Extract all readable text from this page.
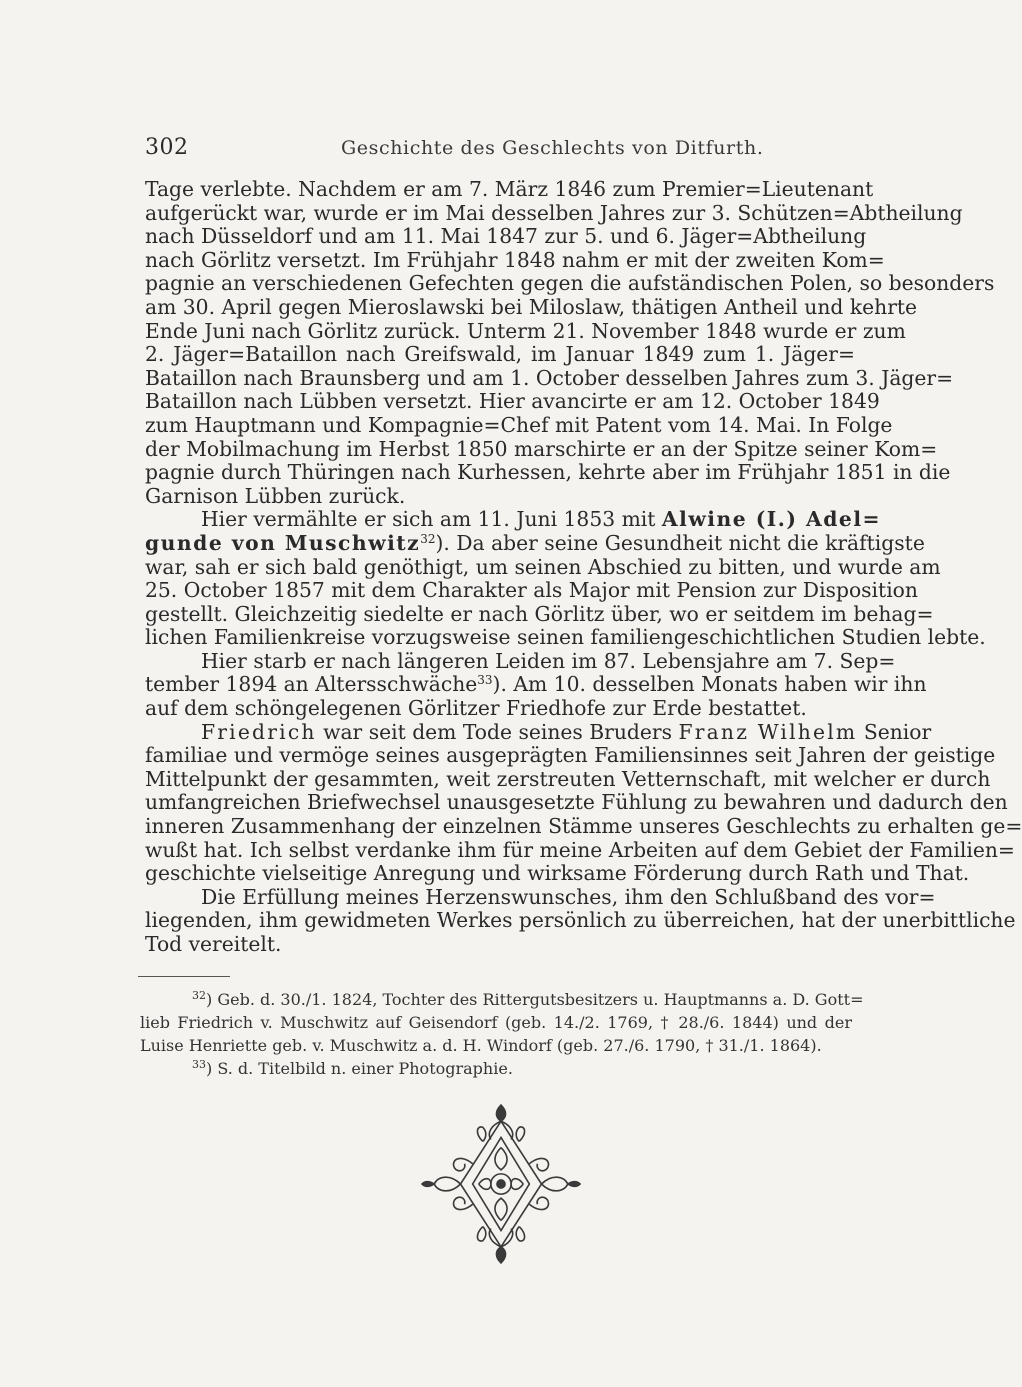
302	Geschichte des Geschlechts von Ditfurth.
Tage verlebte. Nachdem er am 7. März 1846 zum Premier=Lieutenant
aufgerückt war, wurde er im Mai desselben Jahres zur 3. Schützen=Abtheilung
nach Düsseldorf und am 11. Mai 1847 zur 5. und 6. Jäger=Abtheilung
nach Görlitz versetzt. Im Frühjahr 1848 nahm er mit der zweiten Kom=
pagnie an verschiedenen Gefechten gegen die aufständischen Polen, so besonders
am 30. April gegen Mieroslawski bei Miloslaw, thätigen Antheil und kehrte
Ende Juni nach Görlitz zurück. Unterm 21. November 1848 wurde er zum
2. Jäger=Bataillon nach Greifswald, im Januar 1849 zum 1. Jäger=
Bataillon nach Braunsberg und am 1. October desselben Jahres zum 3. Jäger=
Bataillon nach Lübben versetzt. Hier avancirte er am 12. October 1849
zum Hauptmann und Kompagnie=Chef mit Patent vom 14. Mai. In Folge
der Mobilmachung im Herbst 1850 marschirte er an der Spitze seiner Kom=
pagnie durch Thüringen nach Kurhessen, kehrte aber im Frühjahr 1851 in die
Garnison Lübben zurück.
Hier vermählte er sich am 11. Juni 1853 mit Alwine (I.) Adel=
gunde von Muschwitz$^{32}$). Da aber seine Gesundheit nicht die kräftigste
war, sah er sich bald genöthigt, um seinen Abschied zu bitten, und wurde am
25. October 1857 mit dem Charakter als Major mit Pension zur Disposition
gestellt. Gleichzeitig siedelte er nach Görlitz über, wo er seitdem im behag=
lichen Familienkreise vorzugsweise seinen familiengeschichtlichen Studien lebte.
Hier starb er nach längeren Leiden im 87. Lebensjahre am 7. Sep=
tember 1894 an Altersschwäche$^{33}$). Am 10. desselben Monats haben wir ihn
auf dem schöngelegenen Görlitzer Friedhofe zur Erde bestattet.
Friedrich war seit dem Tode seines Bruders Franz Wilhelm Senior
familiae und vermöge seines ausgeprägten Familiensinnes seit Jahren der geistige
Mittelpunkt der gesammten, weit zerstreuten Vetternschaft, mit welcher er durch
umfangreichen Briefwechsel unausgesetzte Fühlung zu bewahren und dadurch den
inneren Zusammenhang der einzelnen Stämme unseres Geschlechts zu erhalten ge=
wußt hat. Ich selbst verdanke ihm für meine Arbeiten auf dem Gebiet der Familien=
geschichte vielseitige Anregung und wirksame Förderung durch Rath und That.
Die Erfüllung meines Herzenswunsches, ihm den Schlußband des vor=
liegenden, ihm gewidmeten Werkes persönlich zu überreichen, hat der unerbittliche
Tod vereitelt.
$^{32}$) Geb. d. 30./1. 1824, Tochter des Rittergutsbesitzers u. Hauptmanns a. D. Gott=
lieb Friedrich v. Muschwitz auf Geisendorf (geb. 14./2. 1769, † 28./6. 1844) und der
Luise Henriette geb. v. Muschwitz a. d. H. Windorf (geb. 27./6. 1790, † 31./1. 1864).
$^{33}$) S. d. Titelbild n. einer Photographie.
